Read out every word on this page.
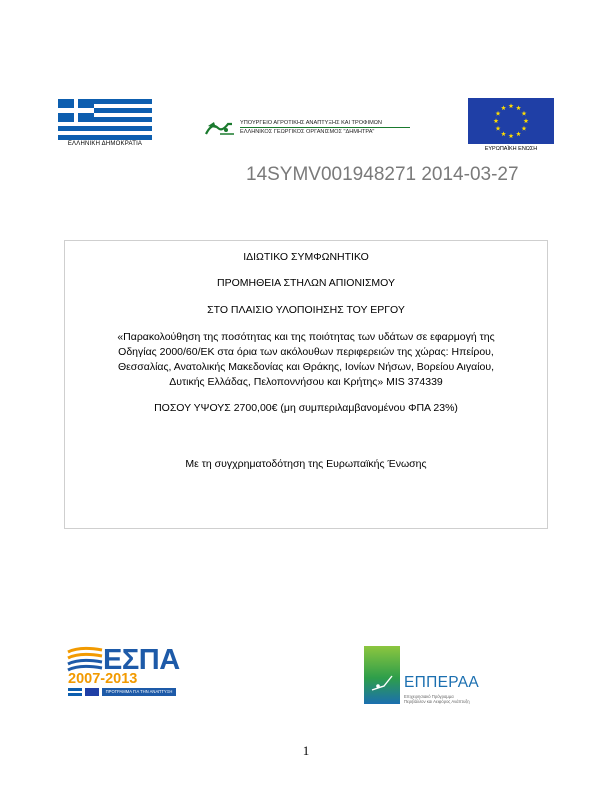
ΕΛΛΗΝΙΚΗ ΔΗΜΟΚΡΑΤΙΑ
ΥΠΟΥΡΓΕΙΟ ΑΓΡΟΤΙΚΗΣ ΑΝΑΠΤΥΞΗΣ ΚΑΙ ΤΡΟΦΙΜΩΝ
ΕΛΛΗΝΙΚΟΣ ΓΕΩΡΓΙΚΟΣ ΟΡΓΑΝΙΣΜΟΣ "ΔΗΜΗΤΡΑ"
ΕΥΡΩΠΑΪΚΗ ΕΝΩΣΗ
14SYMV001948271 2014-03-27
ΙΔΙΩΤΙΚΟ ΣΥΜΦΩΝΗΤΙΚΟ
ΠΡΟΜΗΘΕΙΑ ΣΤΗΛΩΝ ΑΠΙΟΝΙΣΜΟΥ
ΣΤΟ ΠΛΑΙΣΙΟ ΥΛΟΠΟΙΗΣΗΣ ΤΟΥ ΕΡΓΟΥ
«Παρακολούθηση της ποσότητας και της ποιότητας των υδάτων σε εφαρμογή της
Οδηγίας 2000/60/ΕΚ στα όρια των ακόλουθων περιφερειών της χώρας: Ηπείρου,
Θεσσαλίας, Ανατολικής Μακεδονίας και Θράκης, Ιονίων Νήσων, Βορείου Αιγαίου,
Δυτικής Ελλάδας, Πελοποννήσου και Κρήτης» MIS 374339
ΠΟΣΟΥ ΥΨΟΥΣ 2700,00€ (μη συμπεριλαμβανομένου ΦΠΑ 23%)
Με τη συγχρηματοδότηση της Ευρωπαϊκής Ένωσης
ΕΣΠΑ
2007-2013
ΠΡΟΓΡΑΜΜΑ ΓΙΑ ΤΗΝ ΑΝΑΠΤΥΞΗ
ΕΠΠΕΡΑΑ
Επιχειρησιακό Πρόγραμμα
Περιβάλλον και Αειφόρος Ανάπτυξη
1
